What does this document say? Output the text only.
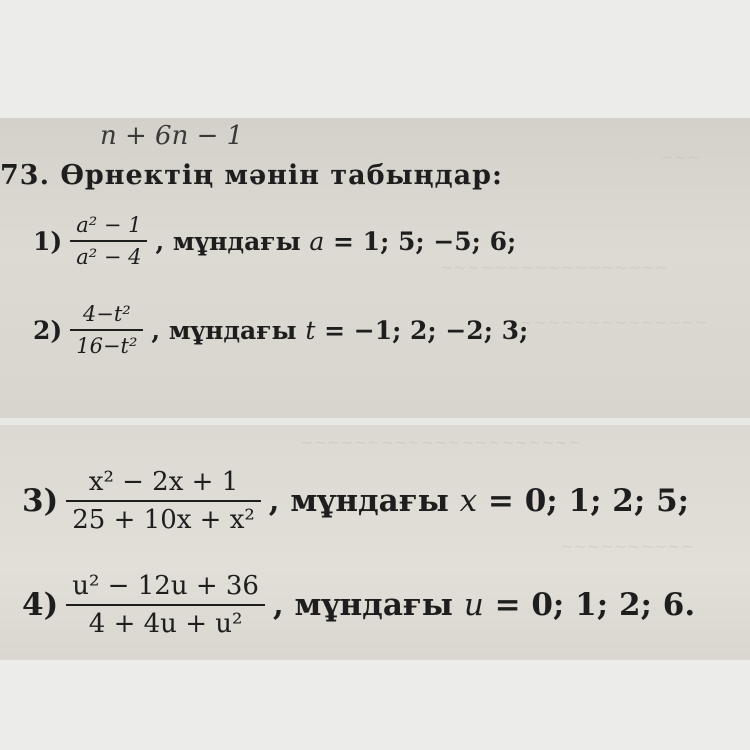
~~~~~~~~~~~~~~~~~
~~~
~~~~~~~~~~~~~~
n + 6n − 1
73. Өрнектің мәнін табыңдар:
$1) \frac{\text{a² − 1}}{\text{a² − 4}}$ , мұндағы a = 1; 5; −5; 6;
$2) \frac{\text{4−t²}}{\text{16−t²}}$ , мұндағы t = −1; 2; −2; 3;
~~~~~~~~~~~~~~~~~~~~~
~~~~~~~~~~
$3) \frac{\text{x² − 2x + 1}}{\text{25 + 10x + x²}}$ , мұндағы x = 0; 1; 2; 5;
$4) \frac{\text{u² − 12u + 36}}{\text{4 + 4u + u²}}$ , мұндағы u = 0; 1; 2; 6.
